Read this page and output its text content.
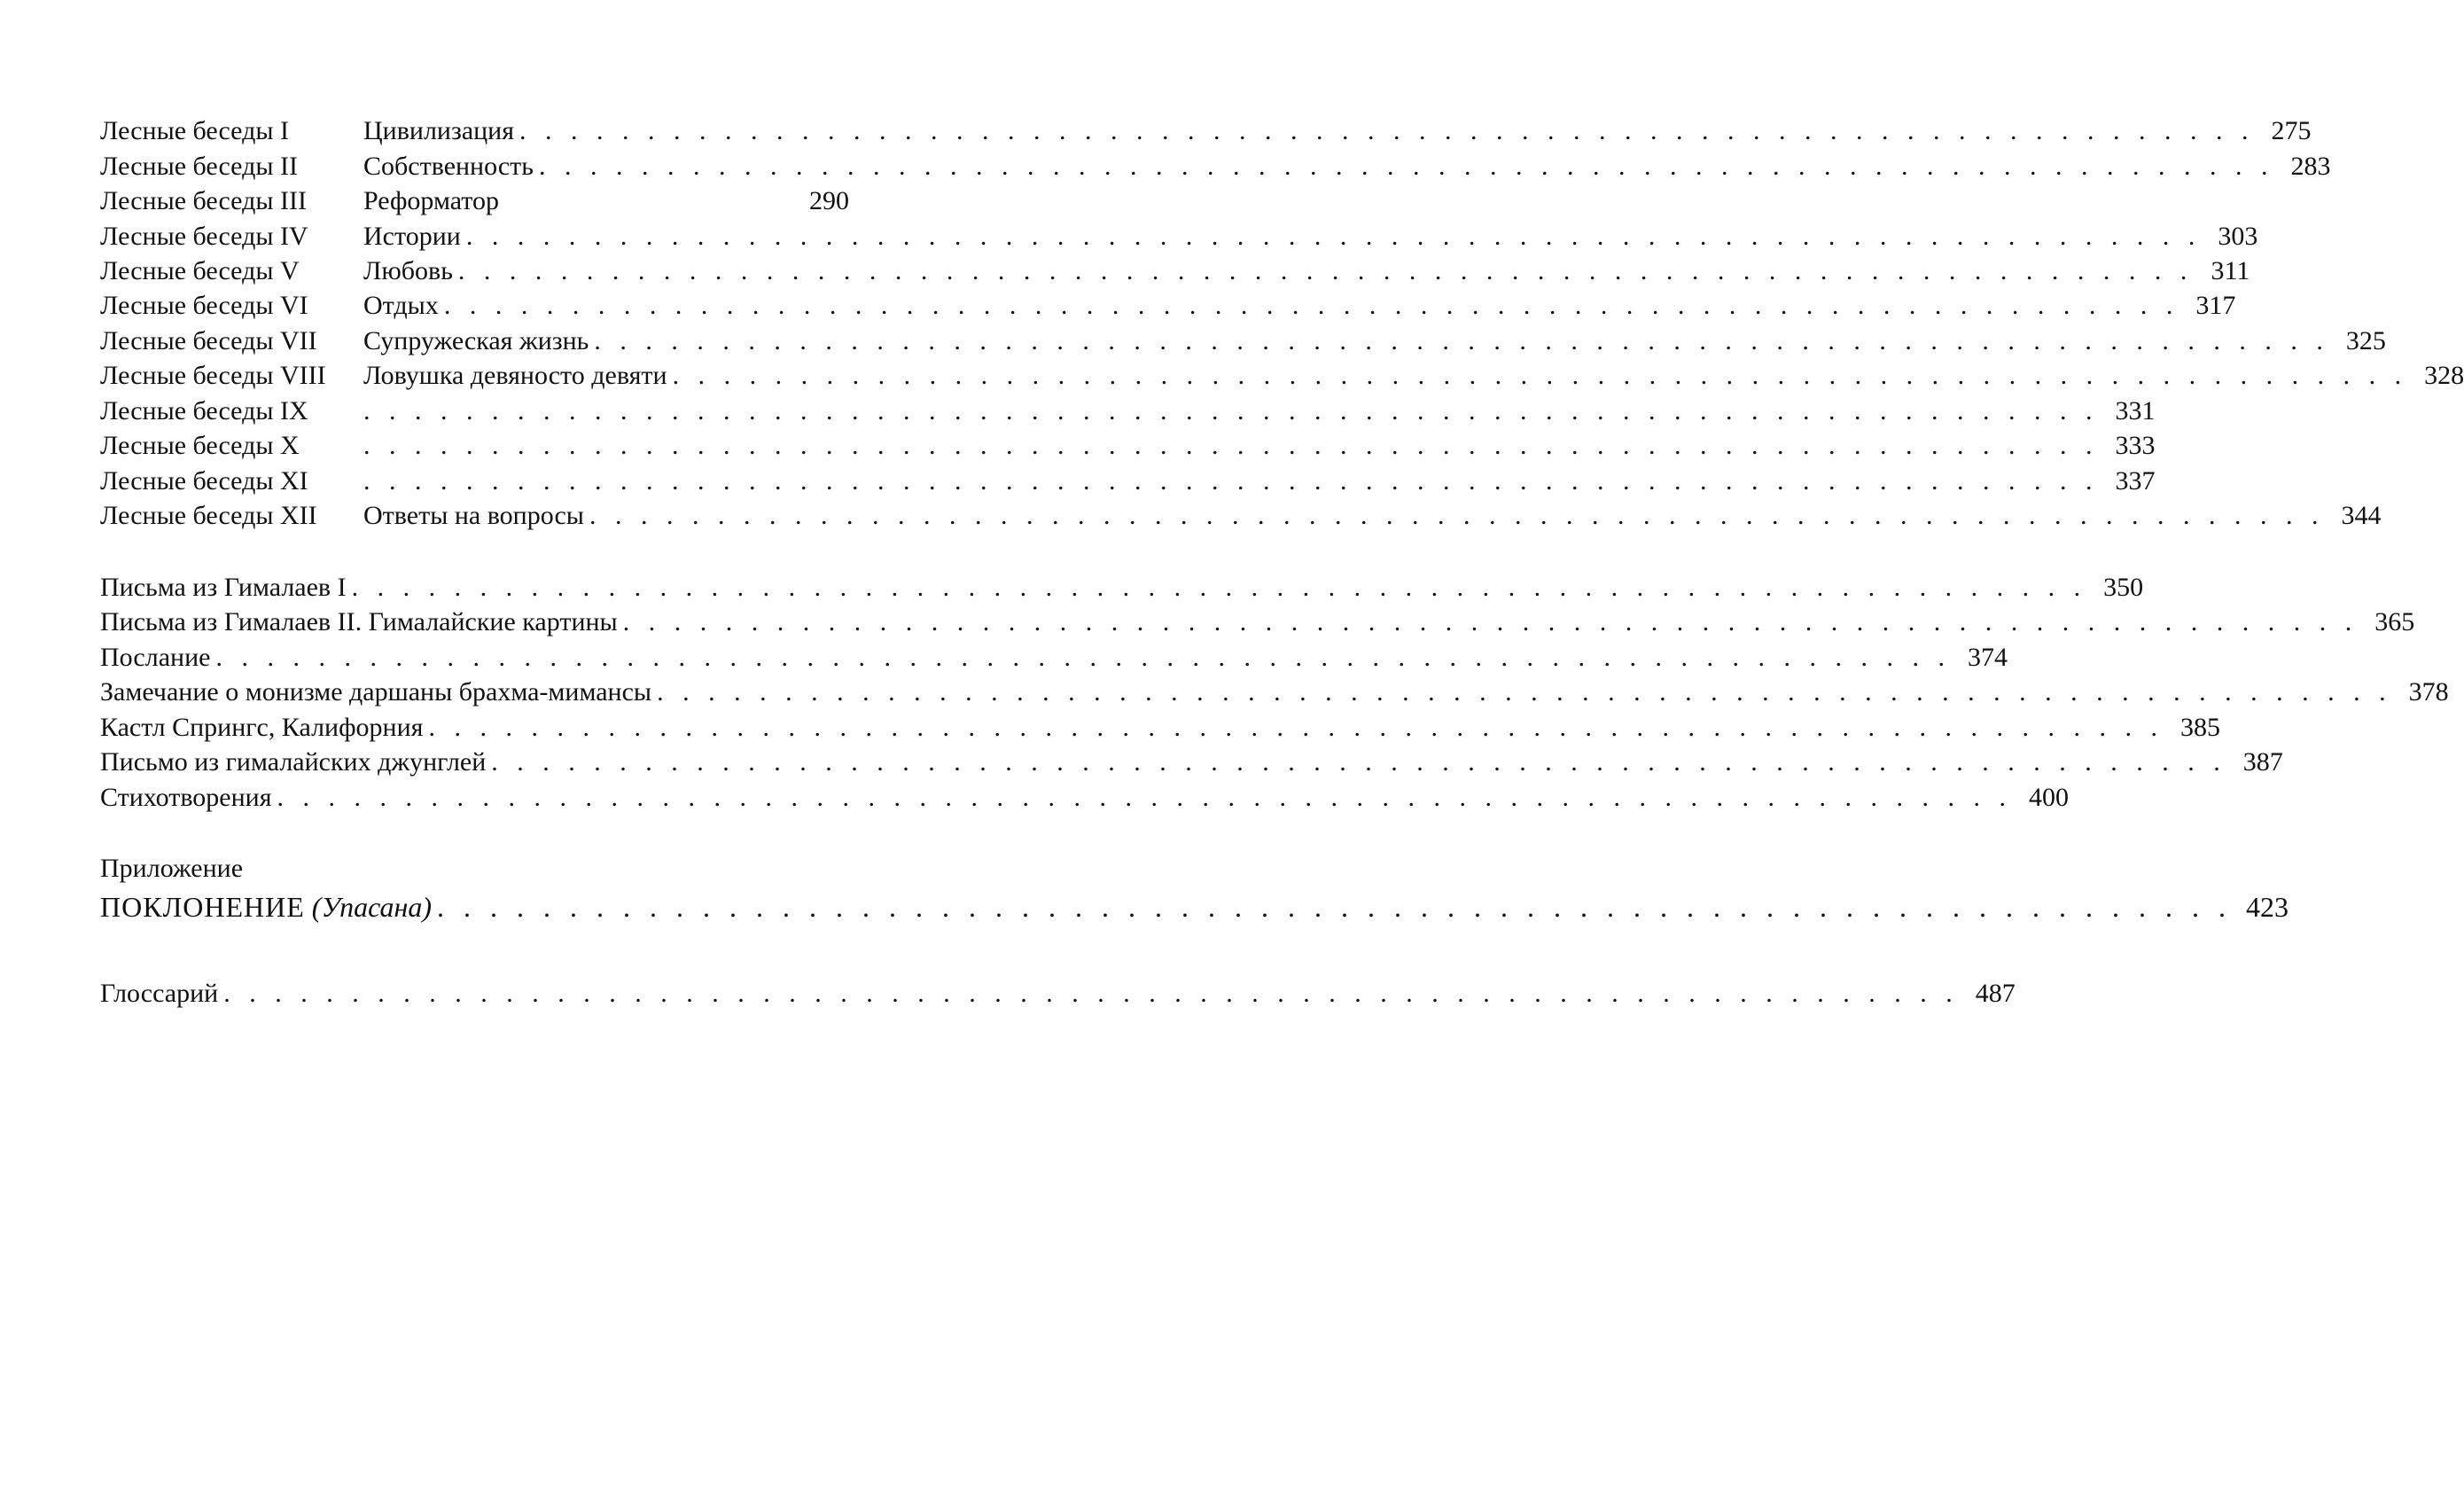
Лесные беседы I	Цивилизация . . . . . . . . . . . . . . . . . . . . . . . . . . . . . . . . . . . . . . . . . . . . . . . . . . . . . . . . . . . . . . . . . . . . 275
Лесные беседы II	Собственность . . . . . . . . . . . . . . . . . . . . . . . . . . . . . . . . . . . . . . . . . . . . . . . . . . . . . . . . . . . . . . . . . . . . 283
Лесные беседы III	Реформатор	290
Лесные беседы IV	Истории . . . . . . . . . . . . . . . . . . . . . . . . . . . . . . . . . . . . . . . . . . . . . . . . . . . . . . . . . . . . . . . . . . . . 303
Лесные беседы V	Любовь . . . . . . . . . . . . . . . . . . . . . . . . . . . . . . . . . . . . . . . . . . . . . . . . . . . . . . . . . . . . . . . . . . . . 311
Лесные беседы VI	Отдых . . . . . . . . . . . . . . . . . . . . . . . . . . . . . . . . . . . . . . . . . . . . . . . . . . . . . . . . . . . . . . . . . . . . 317
Лесные беседы VII	Супружеская жизнь . . . . . . . . . . . . . . . . . . . . . . . . . . . . . . . . . . . . . . . . . . . . . . . . . . . . . . . . . . . . . . . . . . . . 325
Лесные беседы VIII	Ловушка девяносто девяти . . . . . . . . . . . . . . . . . . . . . . . . . . . . . . . . . . . . . . . . . . . . . . . . . . . . . . . . . . . . . . . . . . . . 328
Лесные беседы IX	. . . . . . . . . . . . . . . . . . . . . . . . . . . . . . . . . . . . . . . . . . . . . . . . . . . . . . . . . . . . . . . . . . . . 331
Лесные беседы X	. . . . . . . . . . . . . . . . . . . . . . . . . . . . . . . . . . . . . . . . . . . . . . . . . . . . . . . . . . . . . . . . . . . . 333
Лесные беседы XI	. . . . . . . . . . . . . . . . . . . . . . . . . . . . . . . . . . . . . . . . . . . . . . . . . . . . . . . . . . . . . . . . . . . . 337
Лесные беседы XII	Ответы на вопросы . . . . . . . . . . . . . . . . . . . . . . . . . . . . . . . . . . . . . . . . . . . . . . . . . . . . . . . . . . . . . . . . . . . . 344
Письма из Гималаев I . . . . . . . . . . . . . . . . . . . . . . . . . . . . . . . . . . . . . . . . . . . . . . . . . . . . . . . . . . . . . . . . . . . . 350
Письма из Гималаев II. Гималайские картины . . . . . . . . . . . . . . . . . . . . . . . . . . . . . . . . . . . . . . . . . . . . . . . . . . . . . . . . . . . . . . . . . . . . 365
Послание . . . . . . . . . . . . . . . . . . . . . . . . . . . . . . . . . . . . . . . . . . . . . . . . . . . . . . . . . . . . . . . . . . . . 374
Замечание о монизме даршаны брахма-мимансы . . . . . . . . . . . . . . . . . . . . . . . . . . . . . . . . . . . . . . . . . . . . . . . . . . . . . . . . . . . . . . . . . . . . 378
Кастл Спрингс, Калифорния . . . . . . . . . . . . . . . . . . . . . . . . . . . . . . . . . . . . . . . . . . . . . . . . . . . . . . . . . . . . . . . . . . . . 385
Письмо из гималайских джунглей . . . . . . . . . . . . . . . . . . . . . . . . . . . . . . . . . . . . . . . . . . . . . . . . . . . . . . . . . . . . . . . . . . . . 387
Стихотворения . . . . . . . . . . . . . . . . . . . . . . . . . . . . . . . . . . . . . . . . . . . . . . . . . . . . . . . . . . . . . . . . . . . . 400
Приложение
ПОКЛОНЕНИЕ (Упасана) . . . . . . . . . . . . . . . . . . . . . . . . . . . . . . . . . . . . . . . . . . . . . . . . . . . . . . . . . . . . . . . . . . . . 423
Глоссарий . . . . . . . . . . . . . . . . . . . . . . . . . . . . . . . . . . . . . . . . . . . . . . . . . . . . . . . . . . . . . . . . . . . . 487
